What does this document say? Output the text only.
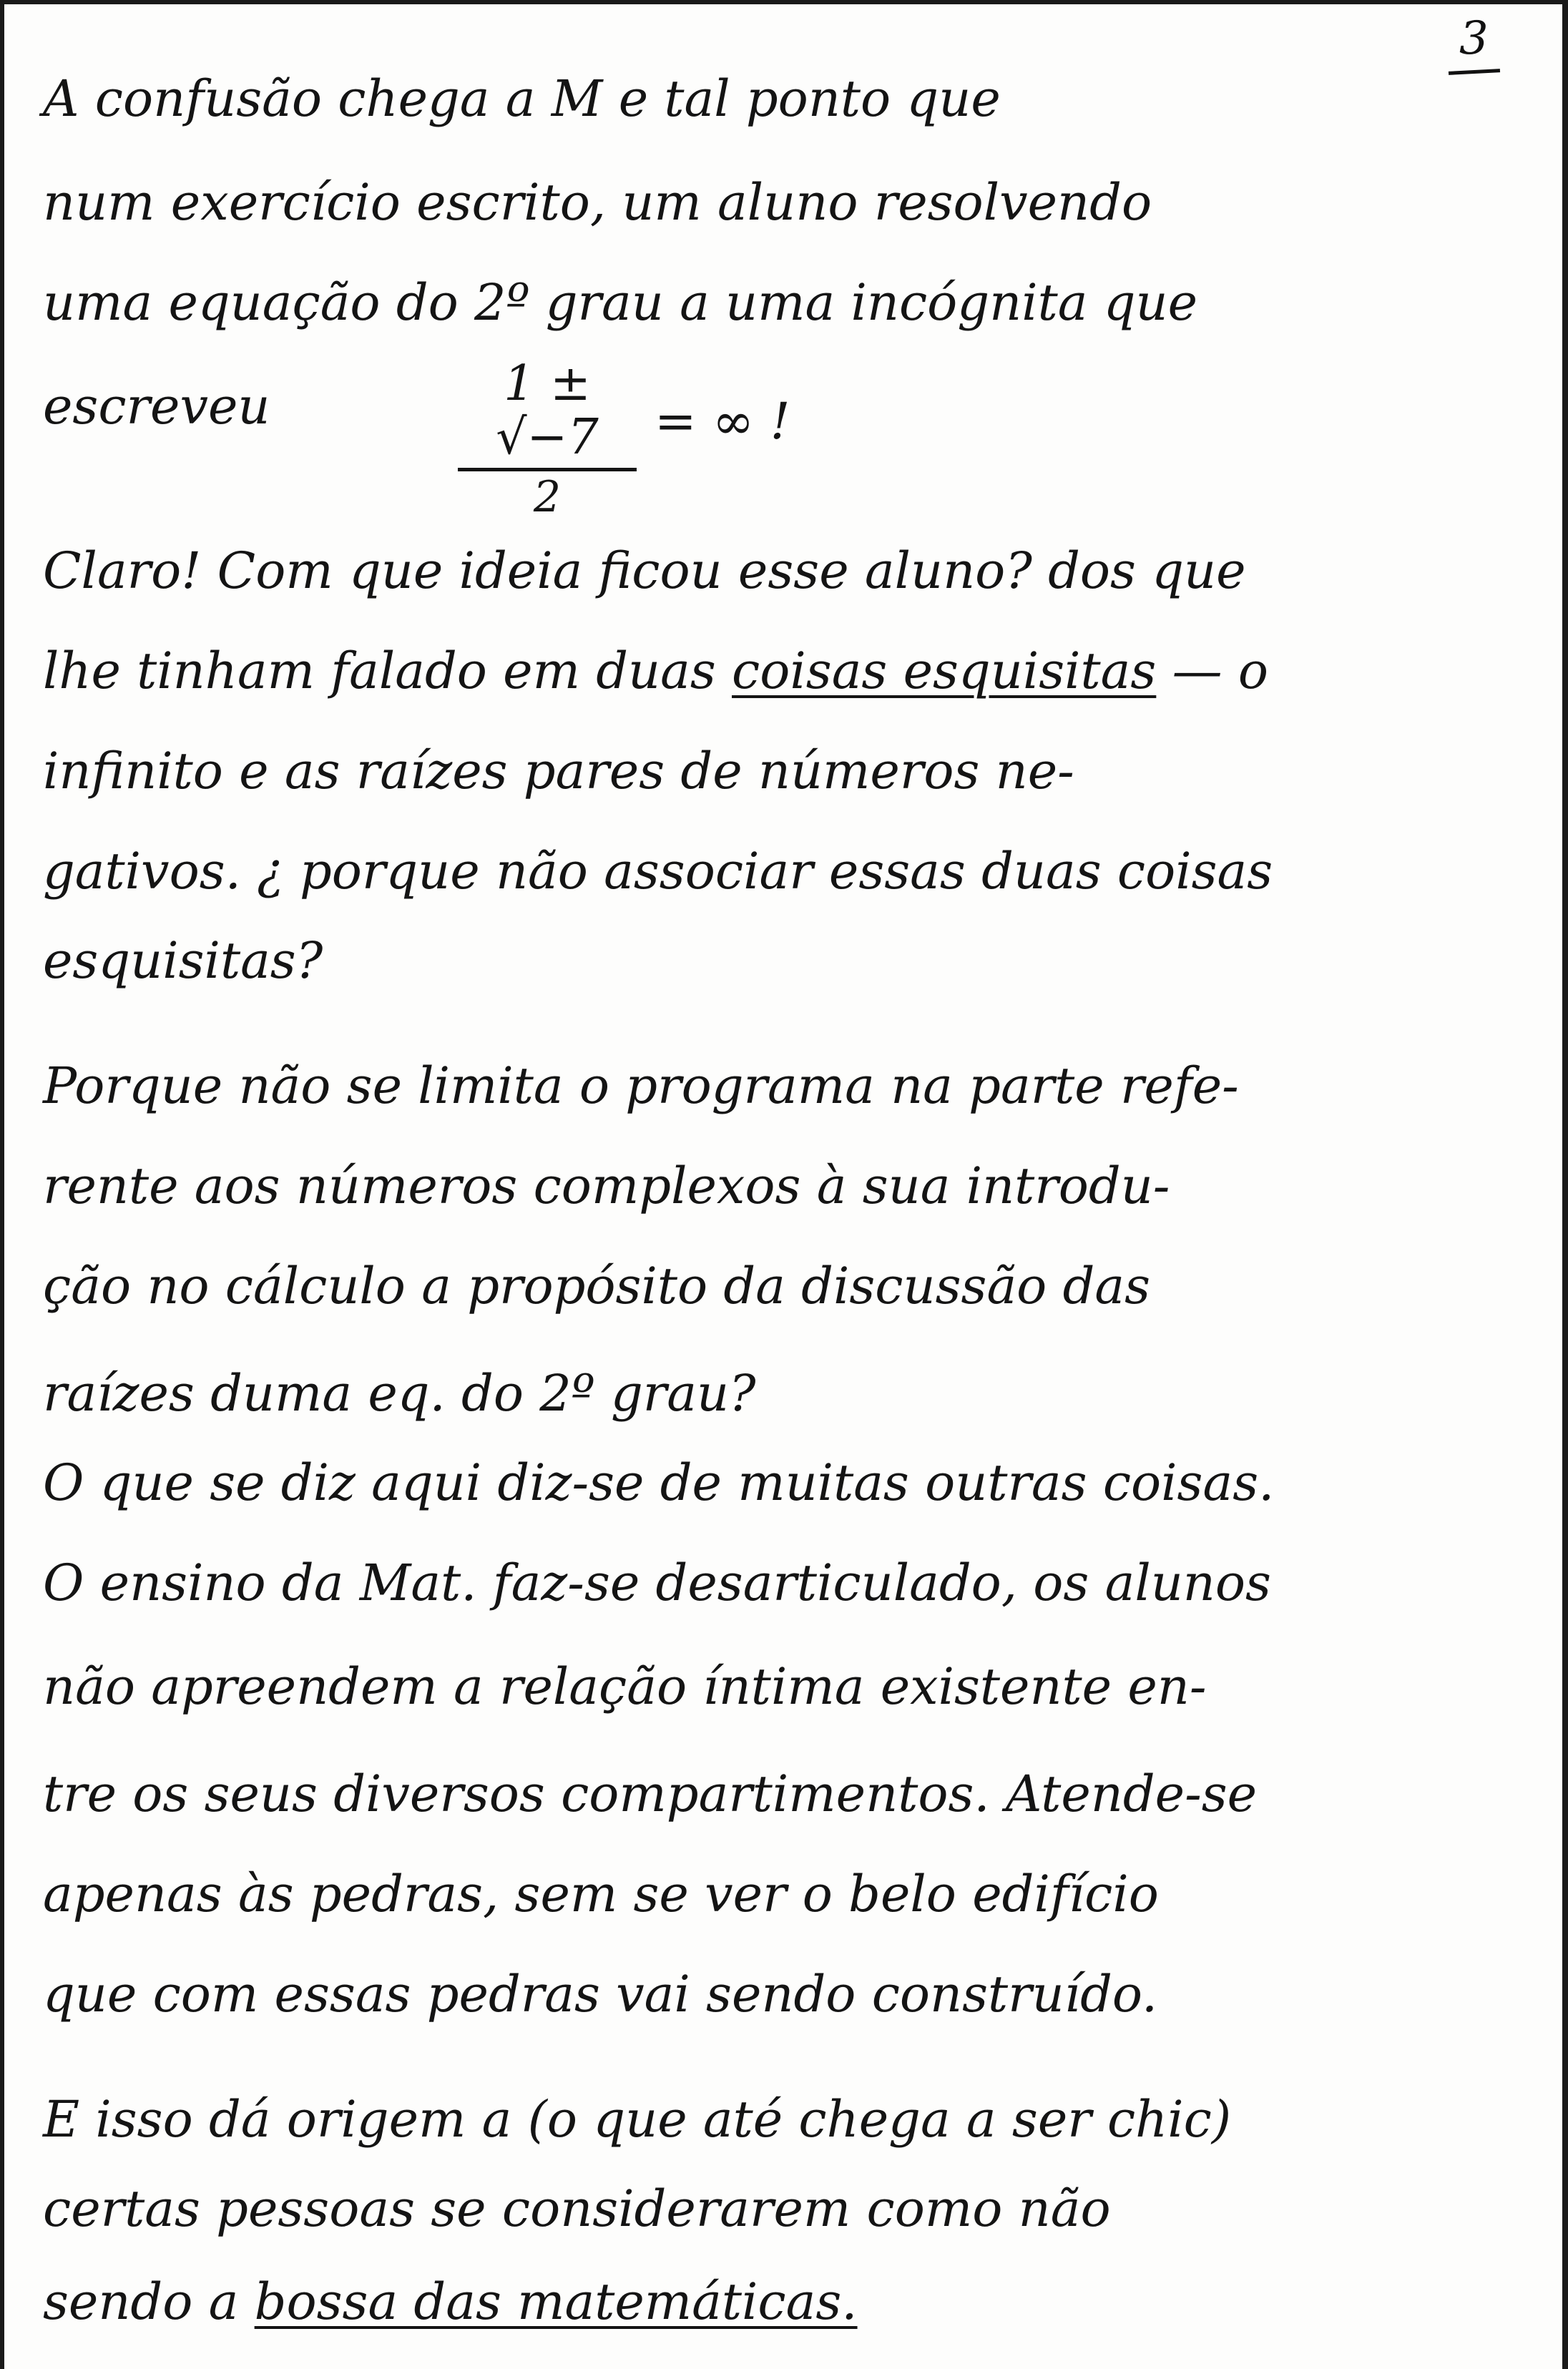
3
A confusão chega a M e tal ponto que
num exercício escrito, um aluno resolvendo
uma equação do 2º grau a uma incógnita que
escreveu	1 ± √−7
2
= ∞ !
Claro! Com que ideia ficou esse aluno? dos que
lhe tinham falado em duas coisas esquisitas — o
infinito e as raízes pares de números ne-
gativos. ¿ porque não associar essas duas coisas
esquisitas?
Porque não se limita o programa na parte refe-
rente aos números complexos à sua introdu-
ção no cálculo a propósito da discussão das
raízes duma eq. do 2º grau?
O que se diz aqui diz-se de muitas outras coisas.
O ensino da Mat. faz-se desarticulado, os alunos
não apreendem a relação íntima existente en-
tre os seus diversos compartimentos. Atende-se
apenas às pedras, sem se ver o belo edifício
que com essas pedras vai sendo construído.
E isso dá origem a (o que até chega a ser chic)
certas pessoas se considerarem como não
sendo a bossa das matemáticas.
